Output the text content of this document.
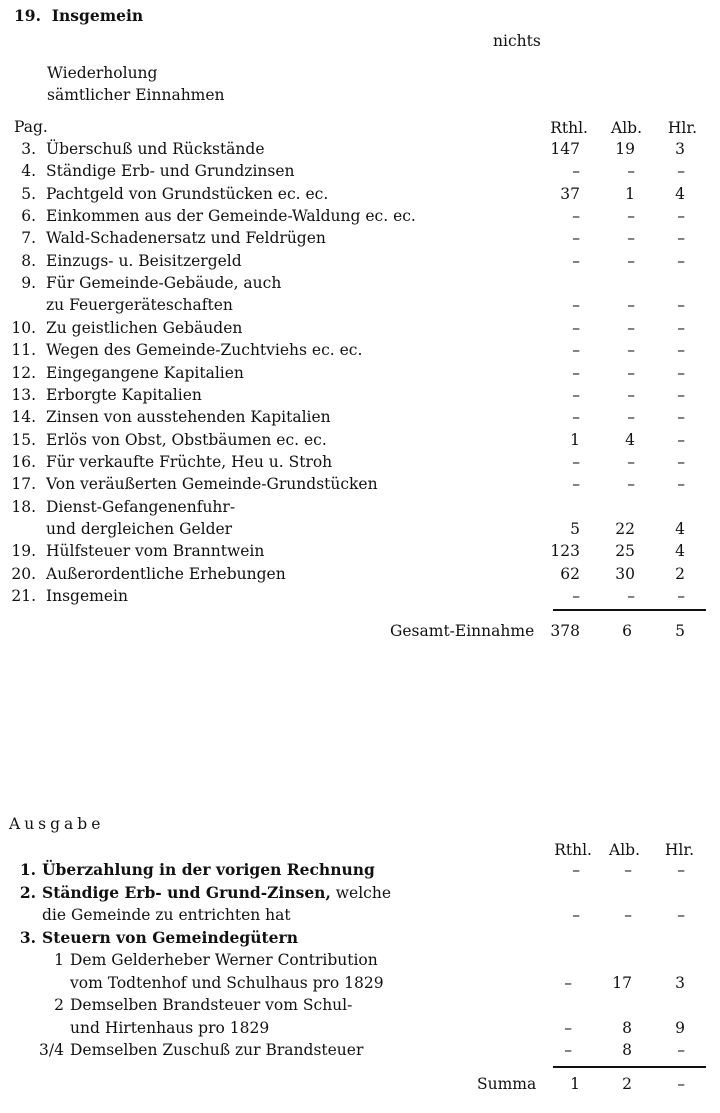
19. Insgemein
nichts
Wiederholung
sämtlicher Einnahmen
Pag.	Rthl.	Alb.	Hlr.
3. Überschuß und Rückstände	147	19	3
4. Ständige Erb- und Grundzinsen	–	–	–
5. Pachtgeld von Grundstücken ec. ec.	37	1	4
6. Einkommen aus der Gemeinde-Waldung ec. ec.	–	–	–
7. Wald-Schadenersatz und Feldrügen	–	–	–
8. Einzugs- u. Beisitzergeld	–	–	–
9. Für Gemeinde-Gebäude, auch
zu Feuergeräteschaften	–	–	–
10. Zu geistlichen Gebäuden	–	–	–
11. Wegen des Gemeinde-Zuchtviehs ec. ec.	–	–	–
12. Eingegangene Kapitalien	–	–	–
13. Erborgte Kapitalien	–	–	–
14. Zinsen von ausstehenden Kapitalien	–	–	–
15. Erlös von Obst, Obstbäumen ec. ec.	1	4	–
16. Für verkaufte Früchte, Heu u. Stroh	–	–	–
17. Von veräußerten Gemeinde-Grundstücken	–	–	–
18. Dienst-Gefangenenfuhr-
und dergleichen Gelder	5	22	4
19. Hülfsteuer vom Branntwein	123	25	4
20. Außerordentliche Erhebungen	62	30	2
21. Insgemein	–	–	–
Gesamt-Einnahme	378	6	5
Ausgabe
Rthl.	Alb.	Hlr.
1. Überzahlung in der vorigen Rechnung	–	–	–
2. Ständige Erb- und Grund-Zinsen, welche
die Gemeinde zu entrichten hat	–	–	–
3. Steuern von Gemeindegütern
1 Dem Gelderheber Werner Contribution
vom Todtenhof und Schulhaus pro 1829	–	17	3
2 Demselben Brandsteuer vom Schul-
und Hirtenhaus pro 1829	–	8	9
3/4 Demselben Zuschuß zur Brandsteuer	–	8	–
Summa	1	2	–
